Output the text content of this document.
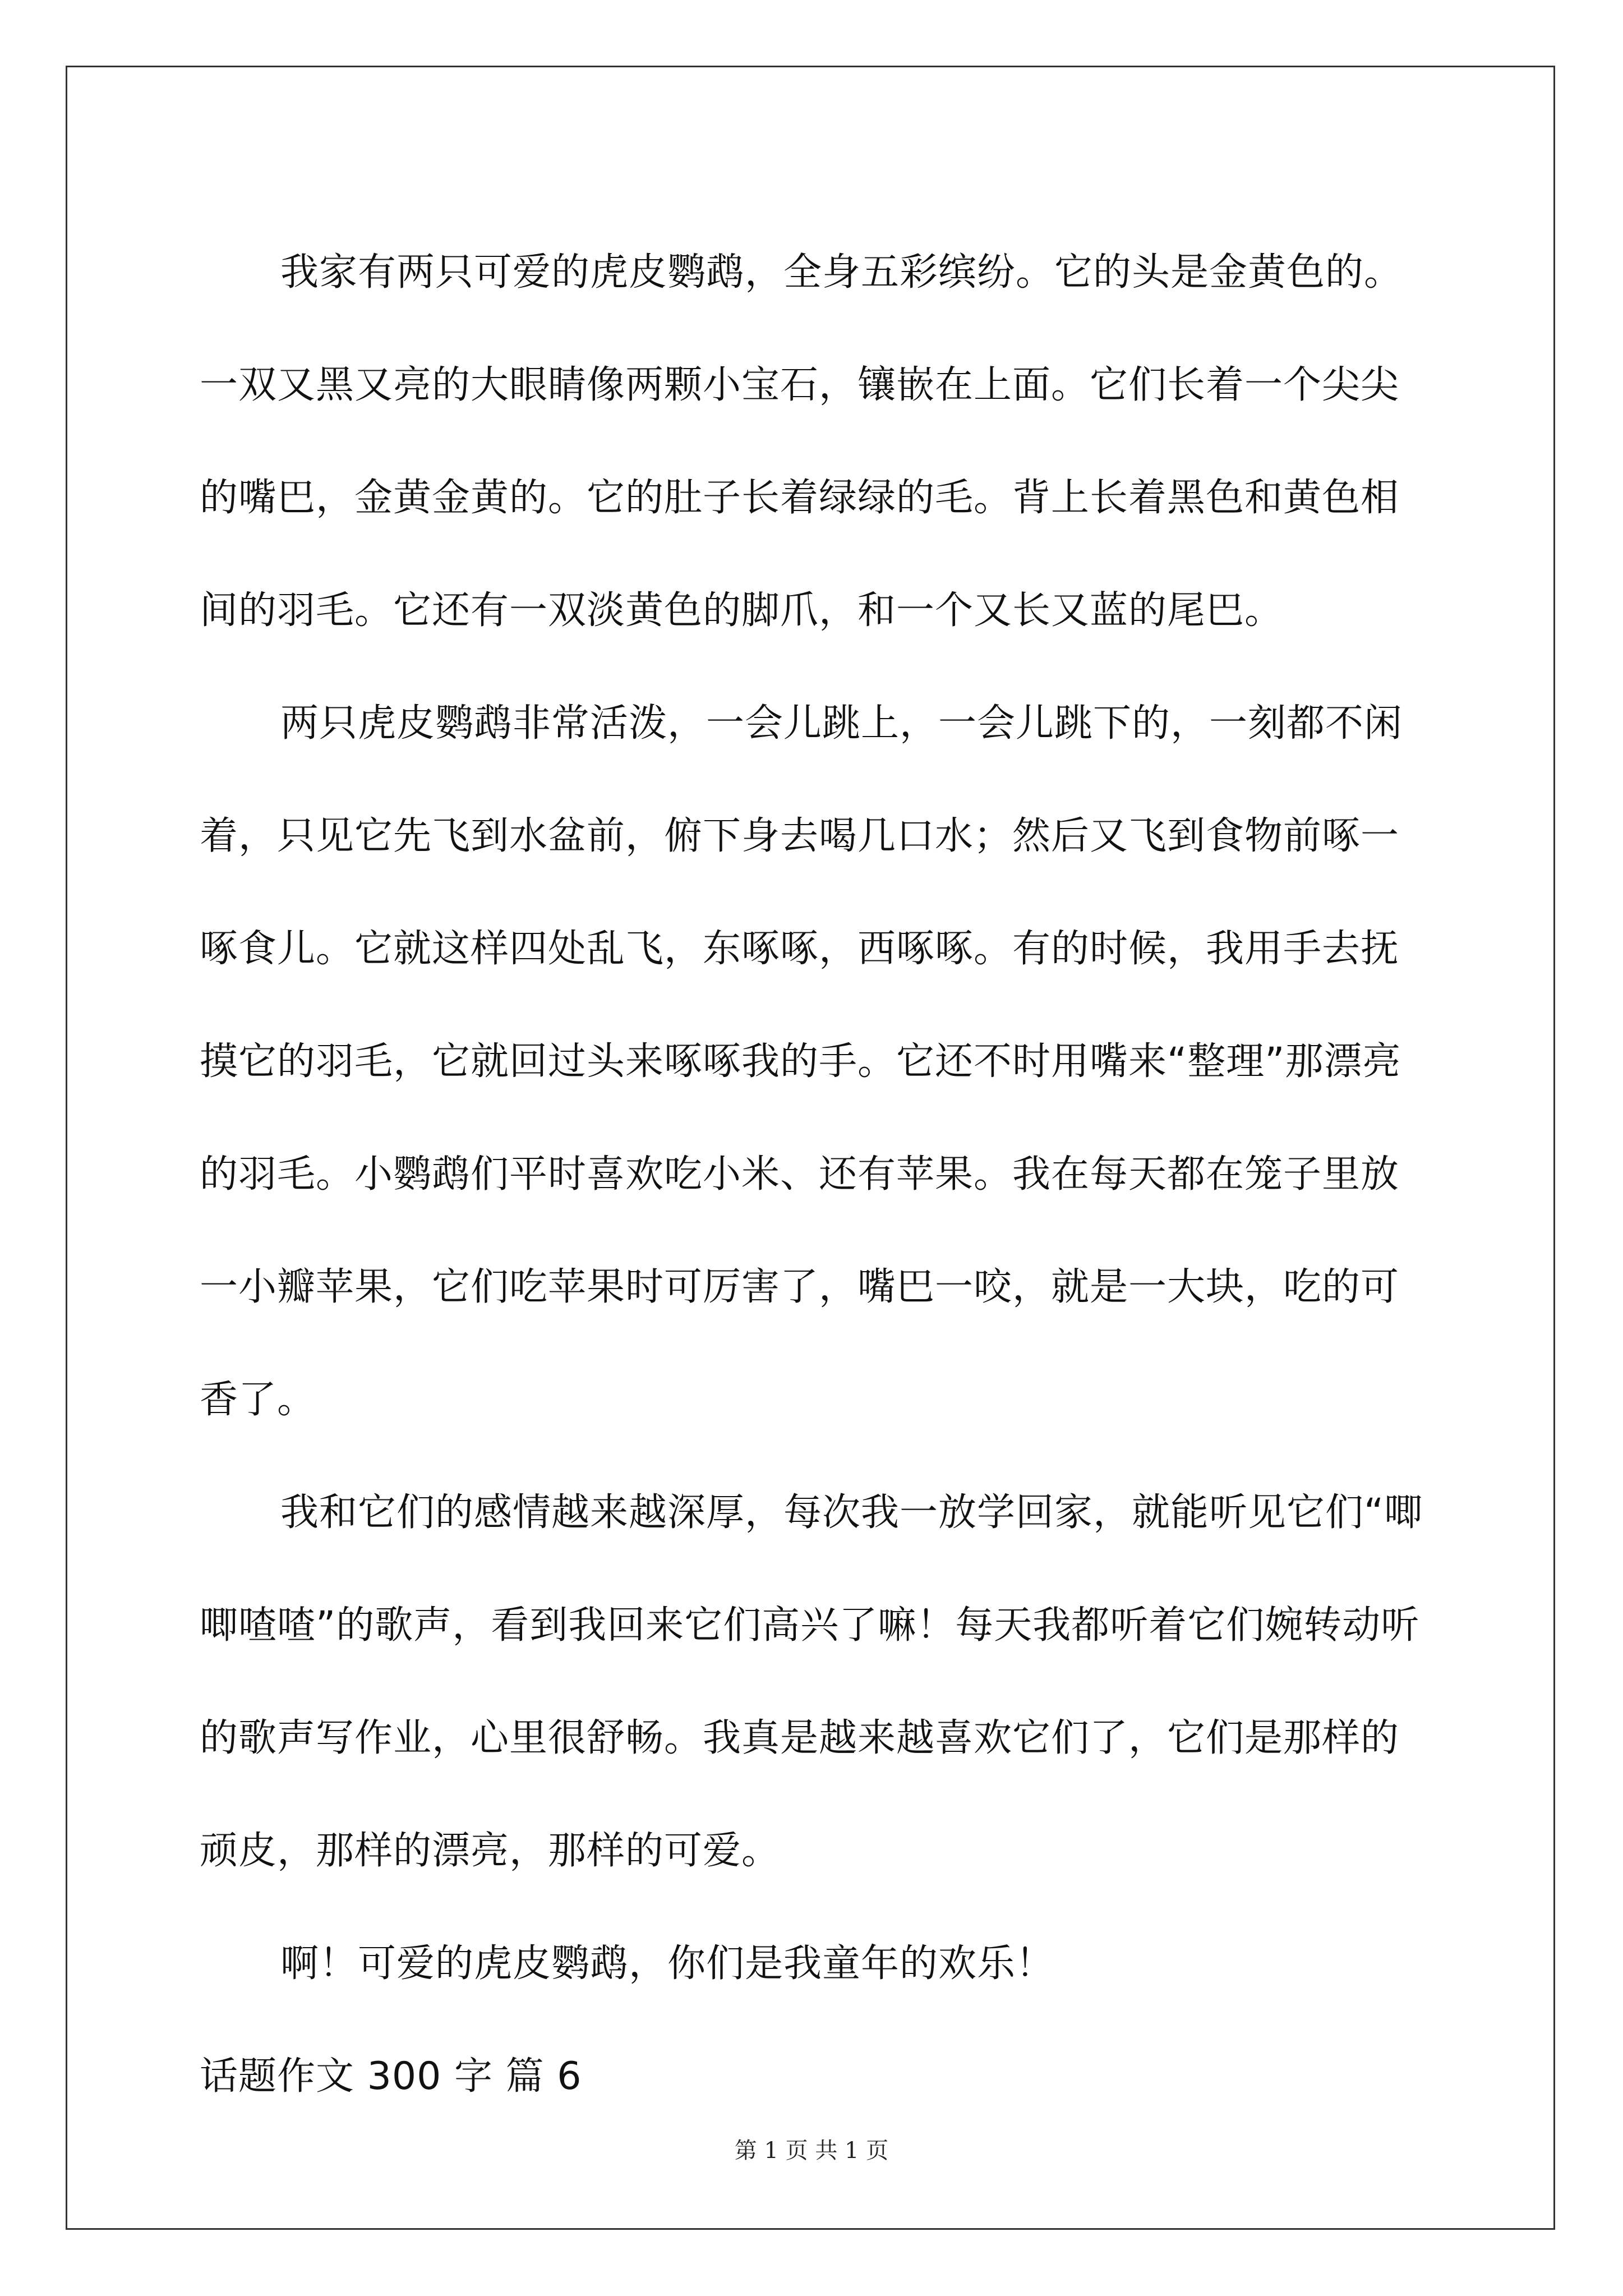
我家有两只可爱的虎皮鹦鹉，全身五彩缤纷。它的头是金黄色的。一双又黑又亮的大眼睛像两颗小宝石，镶嵌在上面。它们长着一个尖尖的嘴巴，金黄金黄的。它的肚子长着绿绿的毛。背上长着黑色和黄色相间的羽毛。它还有一双淡黄色的脚爪，和一个又长又蓝的尾巴。

两只虎皮鹦鹉非常活泼，一会儿跳上，一会儿跳下的，一刻都不闲着，只见它先飞到水盆前，俯下身去喝几口水；然后又飞到食物前啄一啄食儿。它就这样四处乱飞，东啄啄，西啄啄。有的时候，我用手去抚摸它的羽毛，它就回过头来啄啄我的手。它还不时用嘴来“整理”那漂亮的羽毛。小鹦鹉们平时喜欢吃小米、还有苹果。我在每天都在笼子里放一小瓣苹果，它们吃苹果时可厉害了，嘴巴一咬，就是一大块，吃的可香了。

我和它们的感情越来越深厚，每次我一放学回家，就能听见它们“唧唧喳喳”的歌声，看到我回来它们高兴了嘛！每天我都听着它们婉转动听的歌声写作业，心里很舒畅。我真是越来越喜欢它们了，它们是那样的顽皮，那样的漂亮，那样的可爱。

啊！可爱的虎皮鹦鹉，你们是我童年的欢乐！

话题作文 300 字 篇 6
第 1 页 共 1 页
